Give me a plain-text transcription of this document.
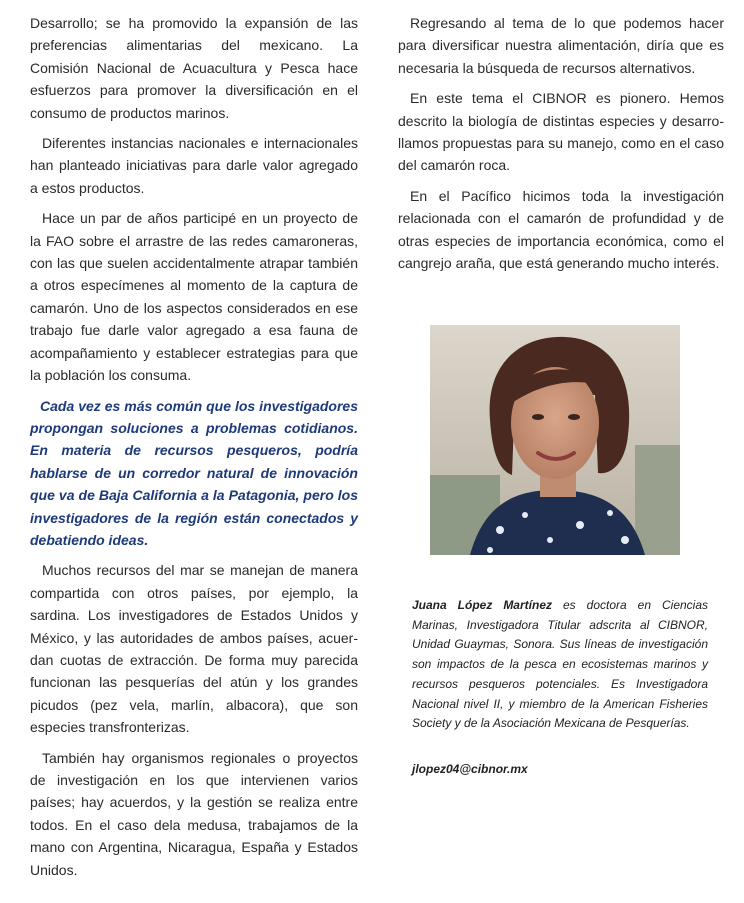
Desarrollo; se ha promovido la expansión de las preferencias alimentarias del mexicano. La Comisión Nacional de Acuacultura y Pesca hace esfuerzos para promover la diversificación en el consumo de productos marinos.

Diferentes instancias nacionales e internacionales han planteado iniciativas para darle valor agregado a estos productos.

Hace un par de años participé en un proyecto de la FAO sobre el arrastre de las redes camaroneras, con las que suelen accidentalmente atrapar también a otros especímenes al momento de la captura de camarón. Uno de los aspectos considerados en ese trabajo fue darle valor agregado a esa fauna de acompañamiento y establecer estrategias para que la población los consuma.

Cada vez es más común que los investigadores propongan soluciones a problemas cotidianos. En materia de recursos pesqueros, podría hablarse de un corredor natural de innovación que va de Baja California a la Patagonia, pero los investigadores de la región están conectados y debatiendo ideas.

Muchos recursos del mar se manejan de manera compartida con otros países, por ejemplo, la sardina. Los investigadores de Estados Unidos y México, y las autoridades de ambos países, acuerdan cuotas de extracción. De forma muy parecida funcionan las pesquerías del atún y los grandes picudos (pez vela, marlín, albacora), que son especies transfronterizas.

También hay organismos regionales o proyectos de investigación en los que intervienen varios países; hay acuerdos, y la gestión se realiza entre todos. En el caso dela medusa, trabajamos de la mano con Argentina, Nicaragua, España y Estados Unidos.

Regresando al tema de lo que podemos hacer para diversificar nuestra alimentación, diría que es necesaria la búsqueda de recursos alternativos.

En este tema el CIBNOR es pionero. Hemos descrito la biología de distintas especies y desarrollamos propuestas para su manejo, como en el caso del camarón roca.

En el Pacífico hicimos toda la investigación relacionada con el camarón de profundidad y de otras especies de importancia económica, como el cangrejo araña, que está generando mucho interés.

Juana López Martínez es doctora en Ciencias Marinas, Investigadora Titular adscrita al CIBNOR, Unidad Guaymas, Sonora. Sus líneas de investigación son impactos de la pesca en ecosistemas marinos y recursos pesqueros potenciales. Es Investigadora Nacional nivel II, y miembro de la American Fisheries Society y de la Asociación Mexicana de Pesquerías.
jlopez04@cibnor.mx
